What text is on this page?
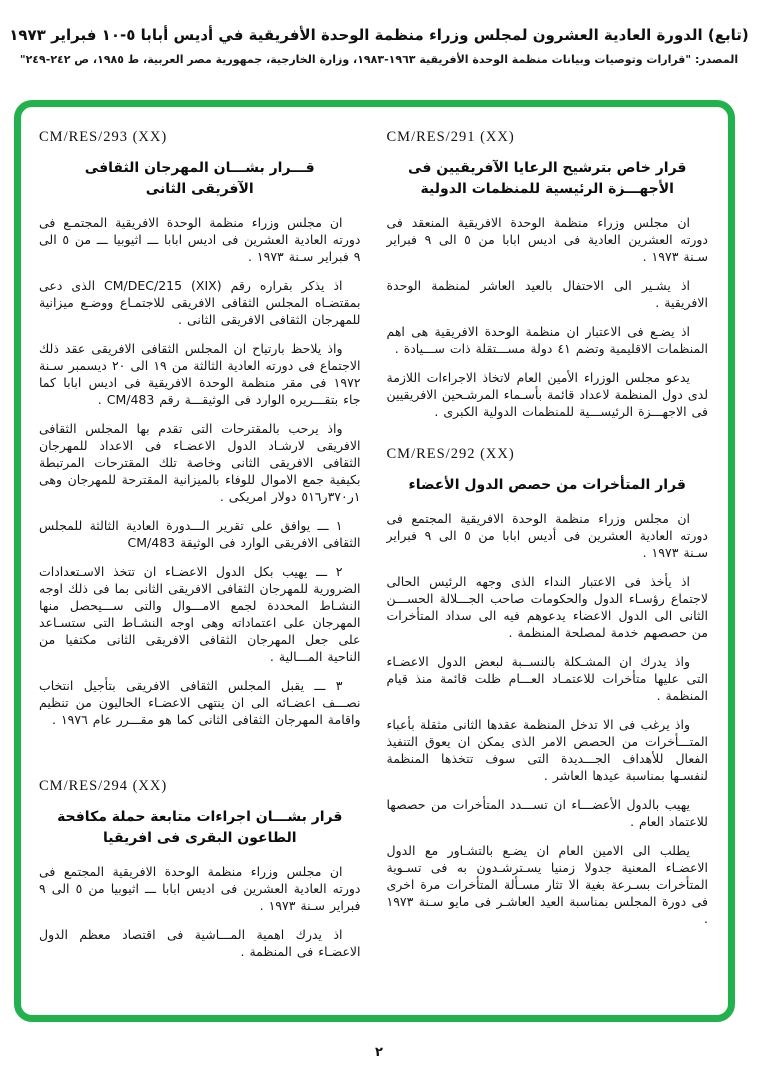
(تابع) الدورة العادية العشرون لمجلس وزراء منظمة الوحدة الأفريقية في أديس أبابا ٥-١٠ فبراير ١٩٧٣
المصدر: "قرارات وتوصيات وبيانات منظمة الوحدة الأفريقية ١٩٦٣-١٩٨٣، وزارة الخارجية، جمهورية مصر العربية، ط ١٩٨٥، ص ٢٤٢-٢٤٩"
CM/RES/291 (XX)
قرار خاص بترشيح الرعايا الآفريقيين فى الأجهـــزة الرئيسية للمنظمات الدولية
ان مجلس وزراء منظمة الوحدة الافريقية المنعقد فى دورته العشرين العادية فى اديس ابابا من ٥ الى ٩ فبراير سـنة ١٩٧٣ .
اذ يشـير الى الاحتفال بالعيد العاشر لمنظمة الوحدة الافريقية .
اذ يضـع فى الاعتبار ان منظمة الوحدة الافريقية هى اهم المنظمات الاقليمية وتضم ٤١ دولة مســـتقلة ذات ســـيادة .
يدعو مجلس الوزراء الأمين العام لاتخاذ الاجراءات اللازمة لدى دول المنظمة لاعداد قائمة بأسـماء المرشـحين الافريقيين فى الاجهـــزة الرئيســـية للمنظمات الدولية الكبرى .
CM/RES/292 (XX)
قرار المتأخرات من حصص الدول الأعضاء
ان مجلس وزراء منظمة الوحدة الافريقية المجتمع فى دورته العادية العشرين فى أديس ابابا من ٥ الى ٩ فبراير سـنة ١٩٧٣ .
اذ يأخذ فى الاعتبار النداء الذى وجهه الرئيس الحالى لاجتماع رؤسـاء الدول والحكومات صاحب الجـــلالة الحســـن الثانى الى الدول الاعضاء يدعوهم فيه الى سداد المتأخرات من حصصهم خدمة لمصلحة المنظمة .
واذ يدرك ان المشـكلة بالنســبة لبعض الدول الاعضـاء التى عليها متأخرات للاعتمـاد العـــام ظلت قائمة منذ قيام المنظمة .
واذ يرغب فى الا تدخل المنظمة عقدها الثانى مثقلة بأعباء المتـــأخرات من الحصص الامر الذى يمكن ان يعوق التنفيذ الفعال للأهداف الجـــديدة التى سوف تتخذها المنظمة لنفسـها بمناسبة عيدها العاشر .
يهيب بالدول الأعضـــاء ان تســـدد المتأخرات من حصصها للاعتماد العام .
يطلب الى الامين العام ان يضـع بالتشـاور مع الدول الاعضـاء المعنية جدولا زمنيا يسـترشـدون به فى تسـوية المتأخرات بسـرعة بغية الا تثار مسـألة المتأخرات مرة اخرى فى دورة المجلس بمناسبة العيد العاشـر فى مايو سـنة ١٩٧٣ .
CM/RES/293 (XX)
قـــرار بشـــان المهرجان الثقافى الآفريقى الثانى
ان مجلس وزراء منظمة الوحدة الافريقية المجتمـع فى دورته العادية العشرين فى اديس ابابا ـــ اثيوبيا ـــ من ٥ الى ٩ فبراير سـنة ١٩٧٣ .
اذ يذكر بقراره رقم CM/DEC/215 (XIX) الذى دعى بمقتضـاه المجلس الثقافى الافريقى للاجتمـاع ووضـع ميزانية للمهرجان الثقافى الافريقى الثانى .
واذ يلاحظ بارتياح ان المجلس الثقافى الافريقى عقد ذلك الاجتماع فى دورته العادية الثالثة من ١٩ الى ٢٠ ديسمبر سـنة ١٩٧٢ فى مقر منظمة الوحدة الافريقية فى اديس ابابا كما جاء بتقـــريره الوارد فى الوثيقـــة رقم CM/483 .
واذ يرحب بالمقترحات التى تقدم بها المجلس الثقافى الافريقى لارشـاد الدول الاعضـاء فى الاعداد للمهرجان الثقافى الافريقى الثانى وخاصة تلك المقترحات المرتبطة بكيفية جمع الاموال للوفاء بالميزانية المقترحة للمهرجان وهى ١ر٣٧٠ر٥١٦ دولار امريكى .
١ ـــ يوافق على تقرير الـــدورة العادية الثالثة للمجلس الثقافى الافريقى الوارد فى الوثيقة CM/483
٢ ـــ يهيب بكل الدول الاعضـاء ان تتخذ الاسـتعدادات الضرورية للمهرجان الثقافى الافريقى الثانى بما فى ذلك اوجه النشـاط المحددة لجمع الامـــوال والتى ســـيحصل منها المهرجان على اعتماداته وهى اوجه النشـاط التى ستسـاعد على جعل المهرجان الثقافى الافريقى الثانى مكتفيا من الناحية المـــالية .
٣ ـــ يقبل المجلس الثقافى الافريقى بتأجيل انتخاب نصـــف اعضـائه الى ان ينتهى الاعضـاء الحاليون من تنظيم واقامة المهرجان الثقافى الثانى كما هو مقـــرر عام ١٩٧٦ .
CM/RES/294 (XX)
قرار بشـــان اجراءات متابعة حملة مكافحة الطاعون البقرى فى افريقيا
ان مجلس وزراء منظمة الوحدة الافريقية المجتمع فى دورته العادية العشرين فى اديس ابابا ـــ اثيوبيا من ٥ الى ٩ فبراير سـنة ١٩٧٣ .
اذ يدرك اهمية المـــاشية فى اقتصاد معظم الدول الاعضـاء فى المنظمة .
٢
